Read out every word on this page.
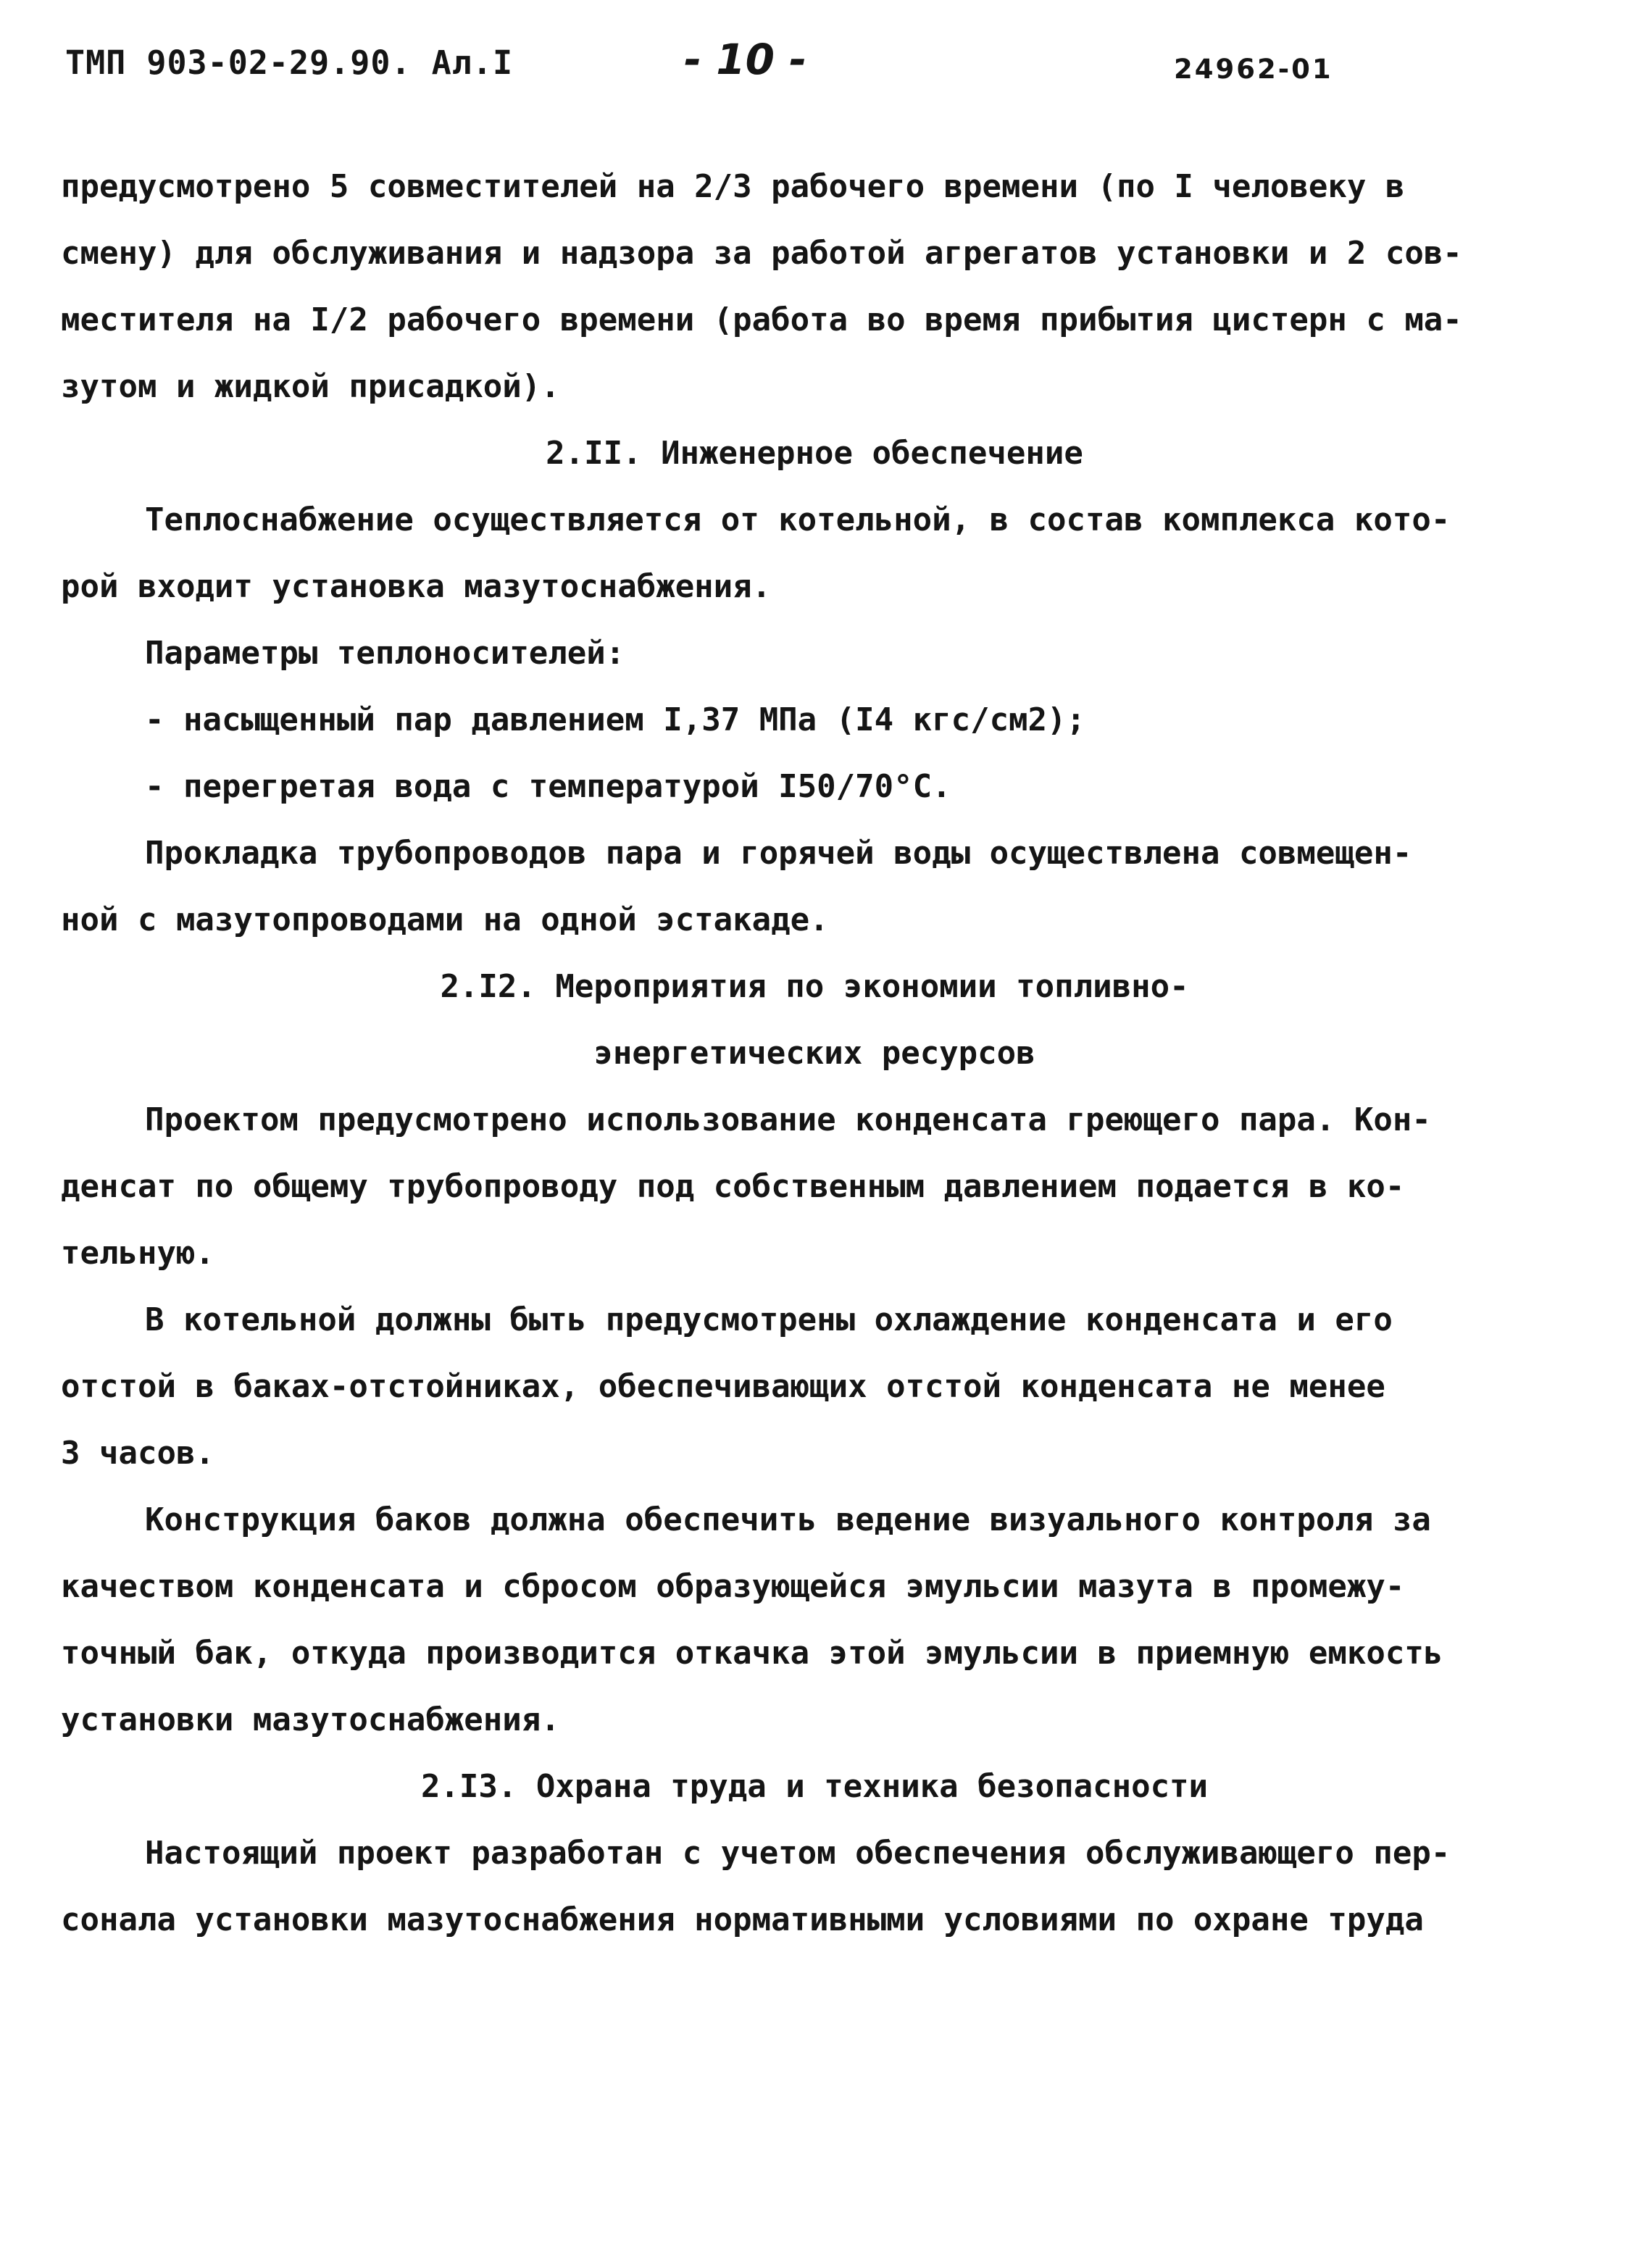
ТМП 903-02-29.90. Ал.I	- 10 -	24962-01
предусмотрено 5 совместителей на 2/3 рабочего времени (по I человеку в
смену) для обслуживания и надзора за работой агрегатов установки и 2 сов-
местителя на I/2 рабочего времени (работа во время прибытия цистерн с ма-
зутом и жидкой присадкой).
2.II. Инженерное обеспечение
Теплоснабжение осуществляется от котельной, в состав комплекса кото-
рой входит установка мазутоснабжения.
Параметры теплоносителей:
- насыщенный пар давлением I,37 МПа (I4 кгс/см2);
- перегретая вода с температурой I50/70°С.
Прокладка трубопроводов пара и горячей воды осуществлена совмещен-
ной с мазутопроводами на одной эстакаде.
2.I2. Мероприятия по экономии топливно-
энергетических ресурсов
Проектом предусмотрено использование конденсата греющего пара. Кон-
денсат по общему трубопроводу под собственным давлением подается в ко-
тельную.
В котельной должны быть предусмотрены охлаждение конденсата и его
отстой в баках-отстойниках, обеспечивающих отстой конденсата не менее
3 часов.
Конструкция баков должна обеспечить ведение визуального контроля за
качеством конденсата и сбросом образующейся эмульсии мазута в промежу-
точный бак, откуда производится откачка этой эмульсии в приемную емкость
установки мазутоснабжения.
2.I3. Охрана труда и техника безопасности
Настоящий проект разработан с учетом обеспечения обслуживающего пер-
сонала установки мазутоснабжения нормативными условиями по охране труда
